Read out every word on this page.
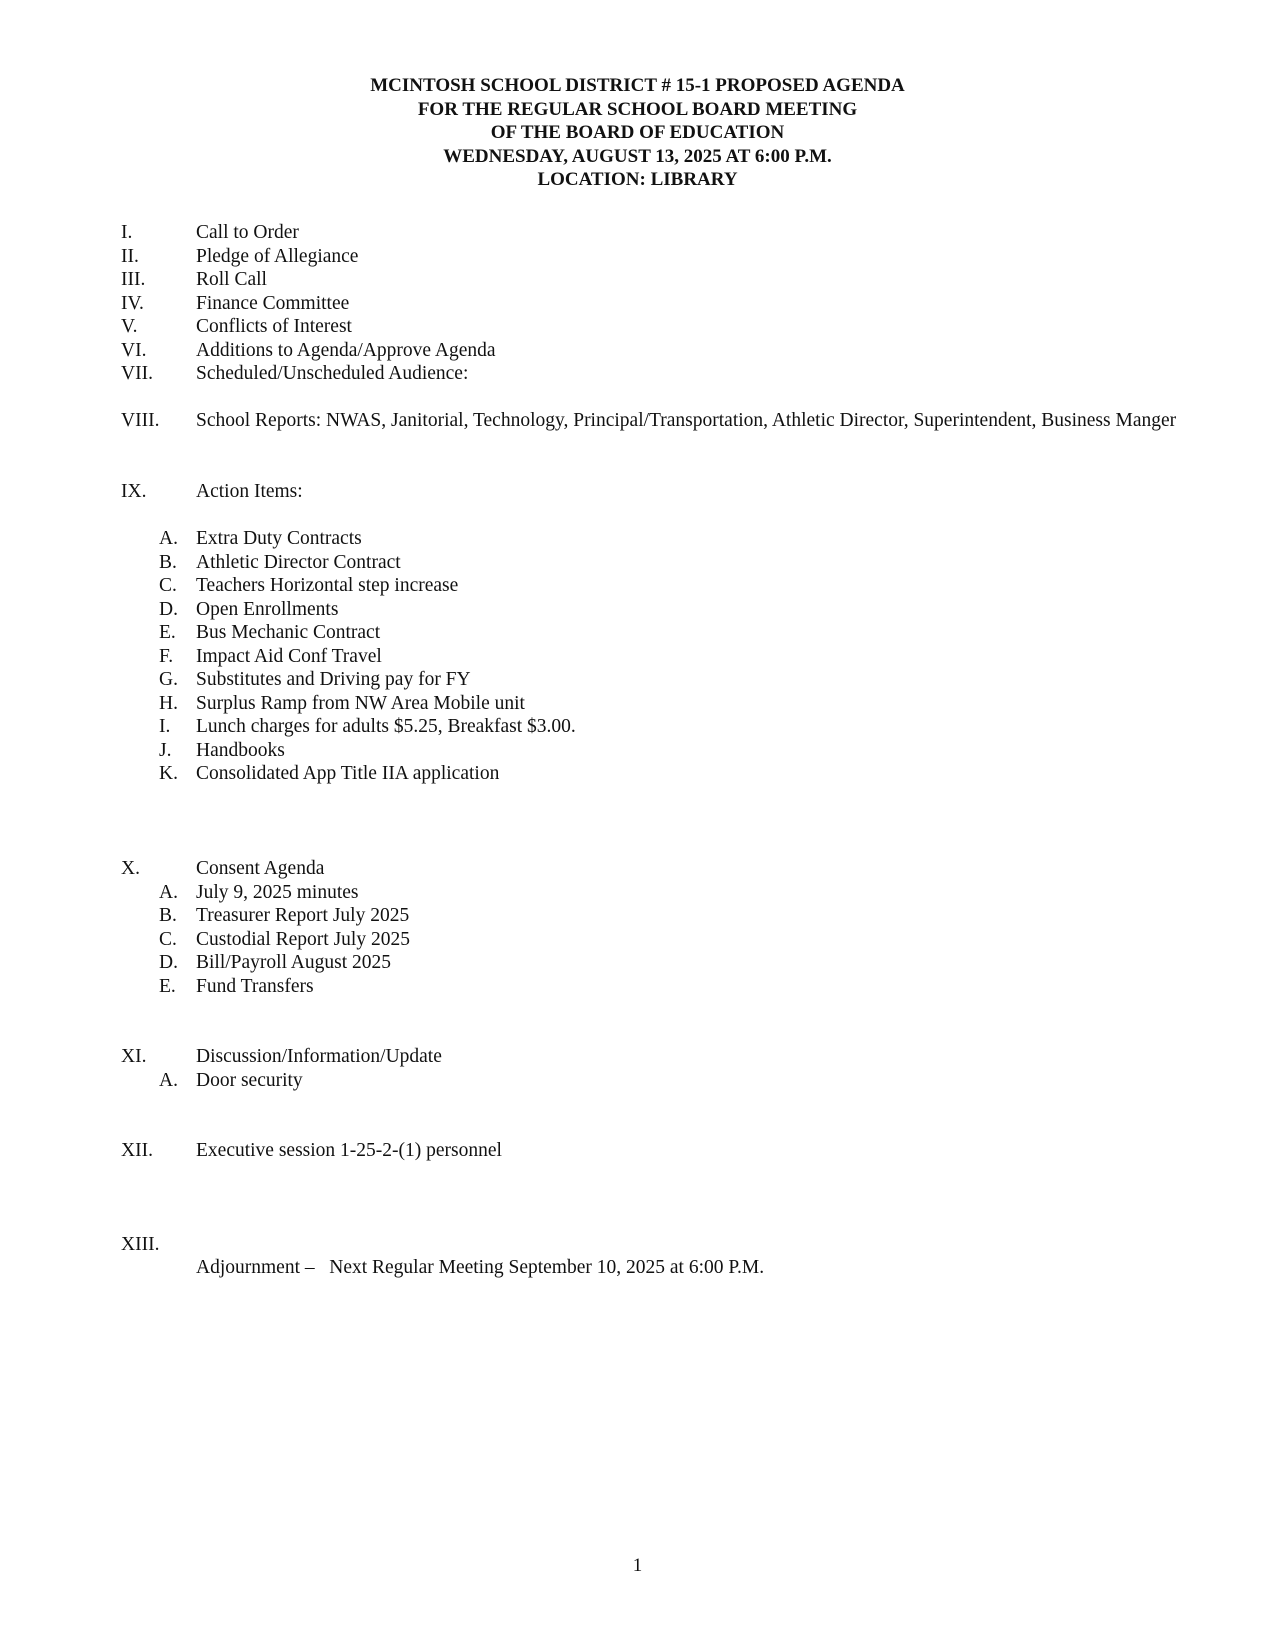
MCINTOSH SCHOOL DISTRICT # 15-1 PROPOSED AGENDA
FOR THE REGULAR SCHOOL BOARD MEETING
OF THE BOARD OF EDUCATION
WEDNESDAY, AUGUST 13, 2025 AT 6:00 P.M.
LOCATION: LIBRARY
I.	Call to Order
II.	Pledge of Allegiance
III.	Roll Call
IV.	Finance Committee
V.	Conflicts of Interest
VI.	Additions to Agenda/Approve Agenda
VII. Scheduled/Unscheduled Audience:
VIII. School Reports: NWAS, Janitorial, Technology, Principal/Transportation, Athletic Director, Superintendent, Business Manger
IX.	Action Items:
A. Extra Duty Contracts
B. Athletic Director Contract
C. Teachers Horizontal step increase
D. Open Enrollments
E. Bus Mechanic Contract
F. Impact Aid Conf Travel
G. Substitutes and Driving pay for FY
H. Surplus Ramp from NW Area Mobile unit
I. Lunch charges for adults $5.25, Breakfast $3.00.
J. Handbooks
K. Consolidated App Title IIA application
X.	Consent Agenda
A. July 9, 2025 minutes
B. Treasurer Report July 2025
C. Custodial Report July 2025
D. Bill/Payroll August 2025
E. Fund Transfers
XI.	Discussion/Information/Update
A. Door security
XII. Executive session 1-25-2-(1) personnel

XIII.

Adjournment –   Next Regular Meeting September 10, 2025 at 6:00 P.M.

1
